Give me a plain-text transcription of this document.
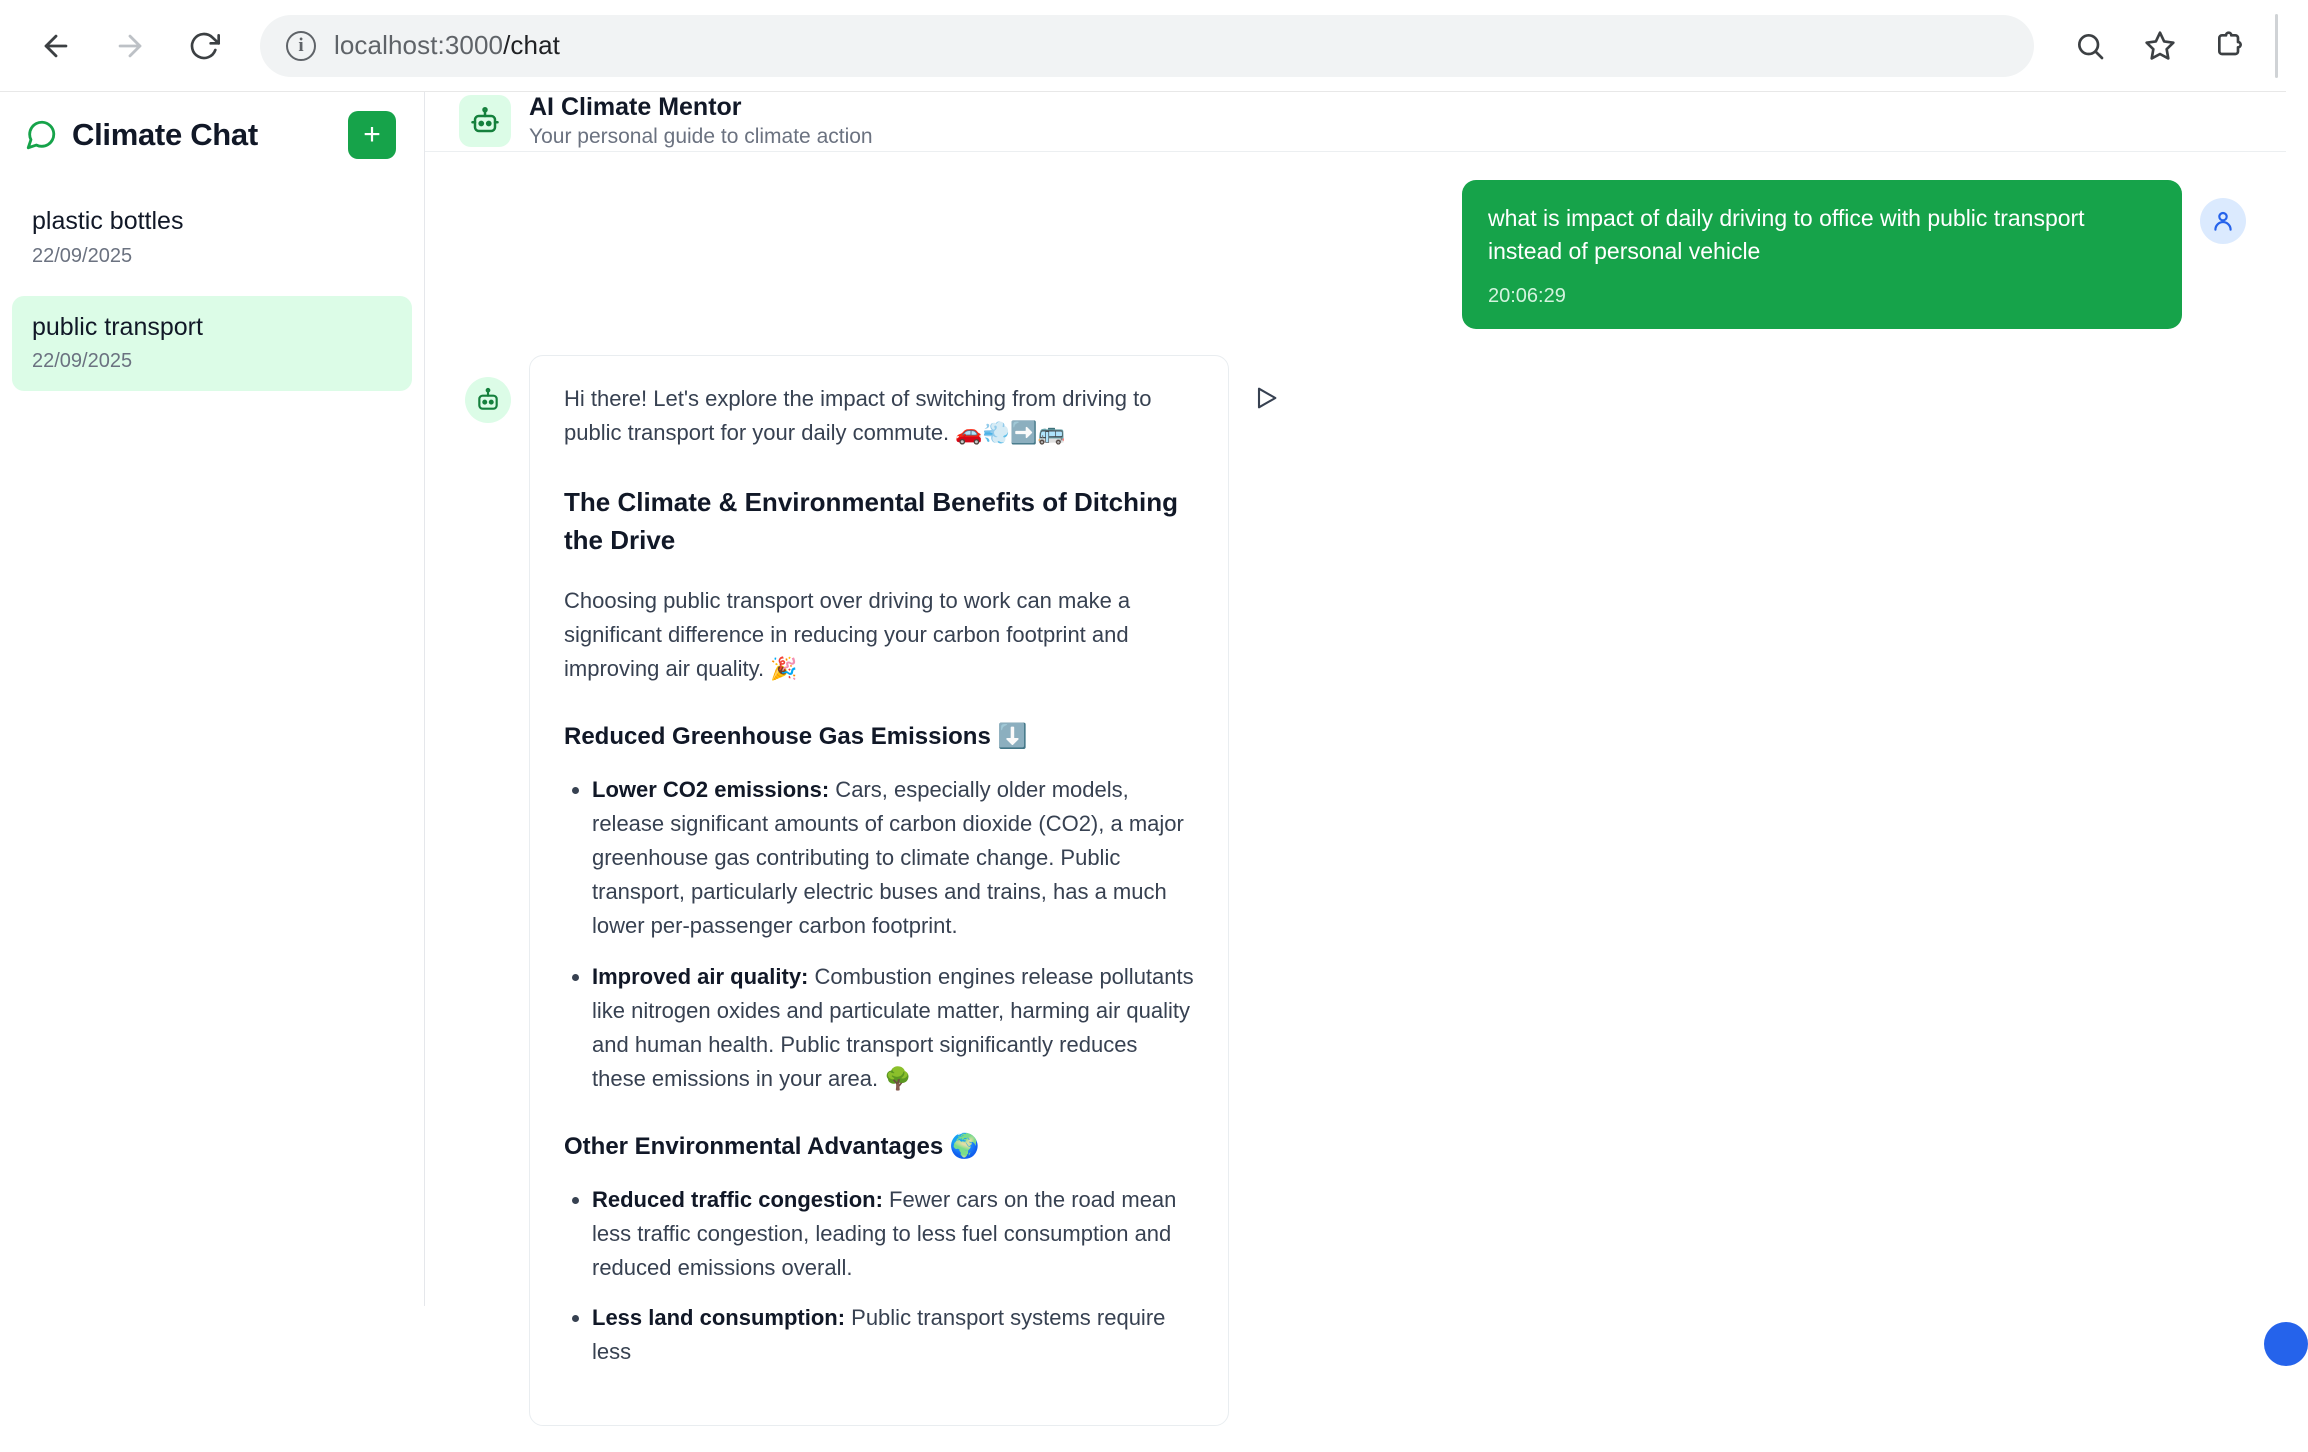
i	localhost:3000/chat
Climate Chat	+
plastic bottles
22/09/2025
public transport
22/09/2025
AI Climate Mentor
Your personal guide to climate action
what is impact of daily driving to office with public transport instead of personal vehicle
20:06:29

Hi there! Let's explore the impact of switching from driving to public transport for your daily commute. 🚗💨➡️🚌

The Climate & Environmental Benefits of Ditching the Drive

Choosing public transport over driving to work can make a significant difference in reducing your carbon footprint and improving air quality. 🎉

Reduced Greenhouse Gas Emissions ⬇️
• Lower CO2 emissions: Cars, especially older models, release significant amounts of carbon dioxide (CO2), a major greenhouse gas contributing to climate change. Public transport, particularly electric buses and trains, has a much lower per-passenger carbon footprint.
• Improved air quality: Combustion engines release pollutants like nitrogen oxides and particulate matter, harming air quality and human health. Public transport significantly reduces these emissions in your area. 🌳
Other Environmental Advantages 🌍
• Reduced traffic congestion: Fewer cars on the road mean less traffic congestion, leading to less fuel consumption and reduced emissions overall.
• Less land consumption: Public transport systems require less
